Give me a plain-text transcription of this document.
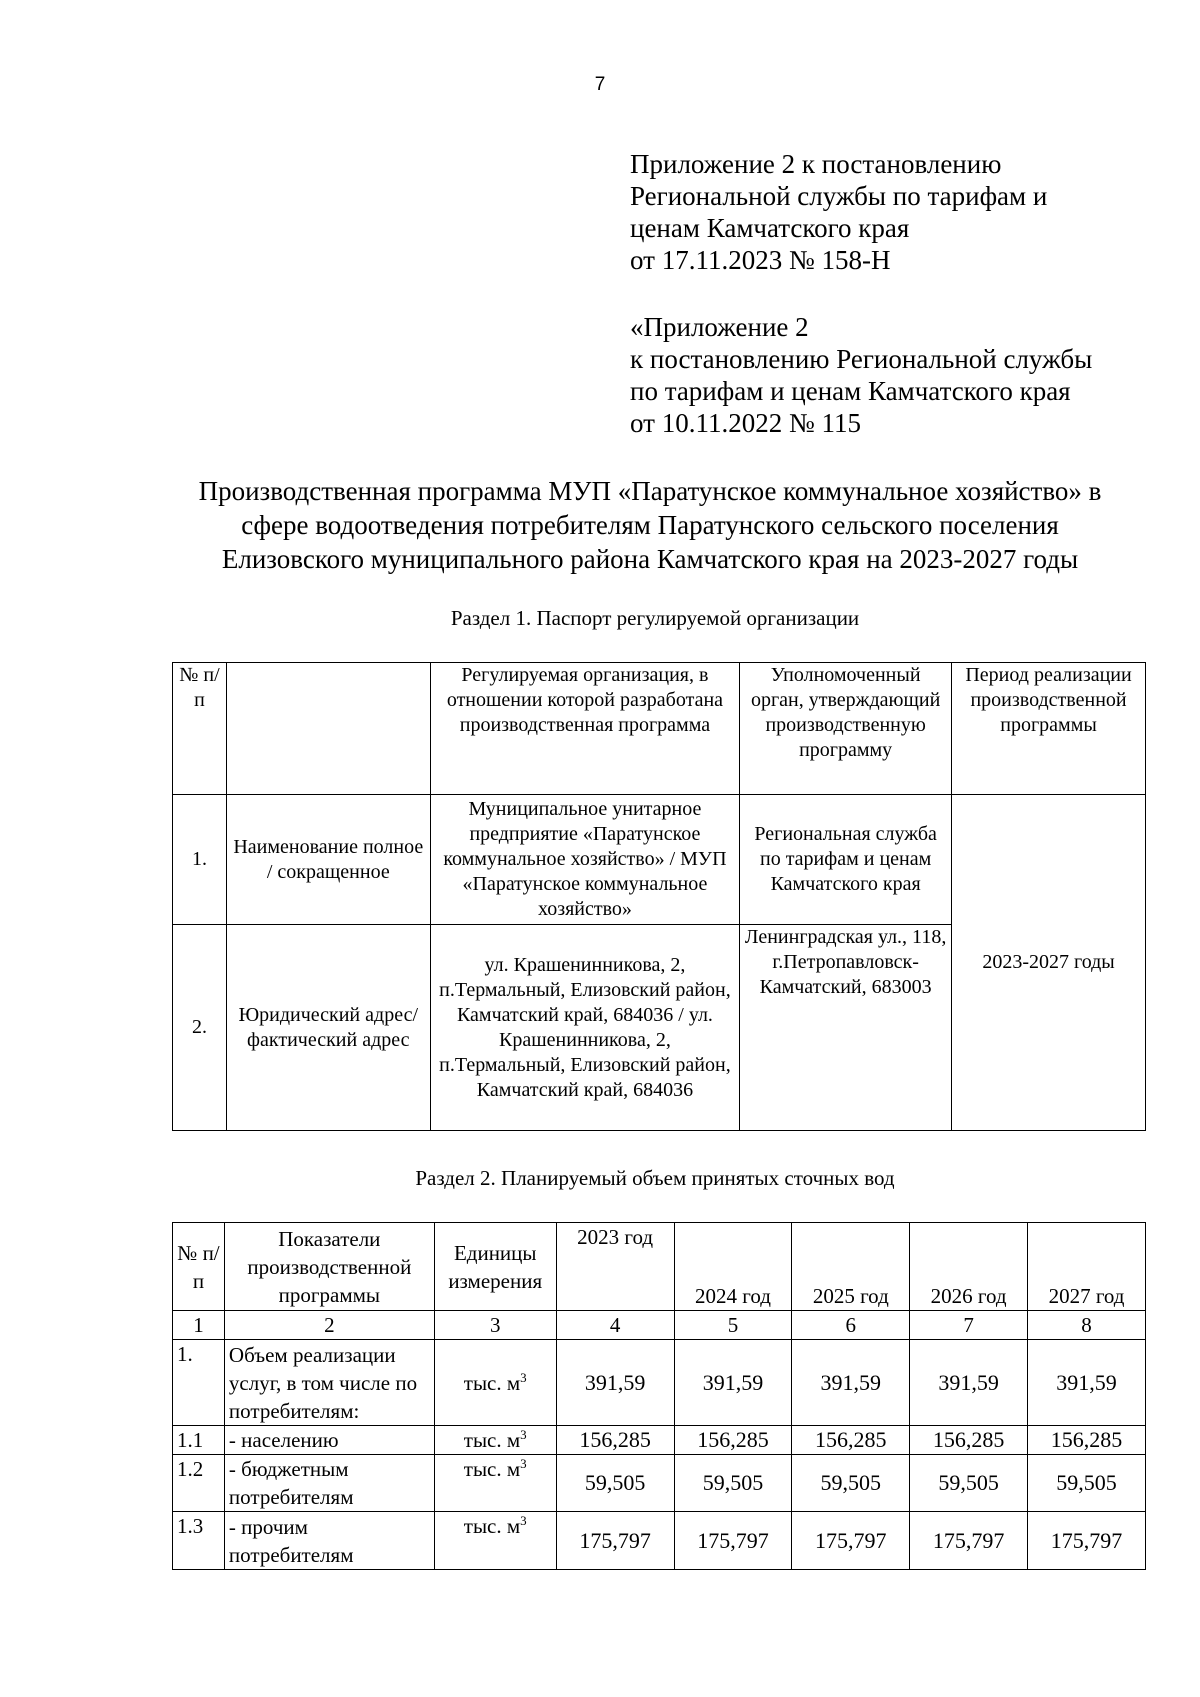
7
Приложение 2 к постановлению
Региональной службы по тарифам и
ценам Камчатского края
от 17.11.2023 № 158-Н
«Приложение 2
к постановлению Региональной службы
по тарифам и ценам Камчатского края
от 10.11.2022 № 115
Производственная программа МУП «Паратунское коммунальное хозяйство» в
сфере водоотведения потребителям Паратунского сельского поселения
Елизовского муниципального района Камчатского края на 2023-2027 годы
Раздел 1. Паспорт регулируемой организации
№ п/п		Регулируемая организация, в отношении которой разработана производственная программа	Уполномоченный орган, утверждающий производственную программу	Период реализации производственной программы
1.	Наименование полное / сокращенное	Муниципальное унитарное предприятие «Паратунское коммунальное хозяйство» / МУП «Паратунское коммунальное хозяйство»	Региональная служба по тарифам и ценам Камчатского края	2023-2027 годы
2.	Юридический адрес/фактический адрес	ул. Крашенинникова, 2, п.Термальный, Елизовский район, Камчатский край, 684036 / ул. Крашенинникова, 2, п.Термальный, Елизовский район, Камчатский край, 684036	Ленинградская ул., 118, г.Петропавловск-Камчатский, 683003	
Раздел 2. Планируемый объем принятых сточных вод
№ п/п	Показатели производственной программы	Единицы измерения	2023 год	2024 год	2025 год	2026 год	2027 год
1	2	3	4	5	6	7	8
1.	Объем реализации услуг, в том числе по потребителям:	тыс. $м^3$	391,59	391,59	391,59	391,59	391,59
1.1	- населению	тыс. $м^3$	156,285	156,285	156,285	156,285	156,285
1.2	- бюджетным потребителям	тыс. $м^3$	59,505	59,505	59,505	59,505	59,505
1.3	- прочим потребителям	тыс. $м^3$	175,797	175,797	175,797	175,797	175,797
